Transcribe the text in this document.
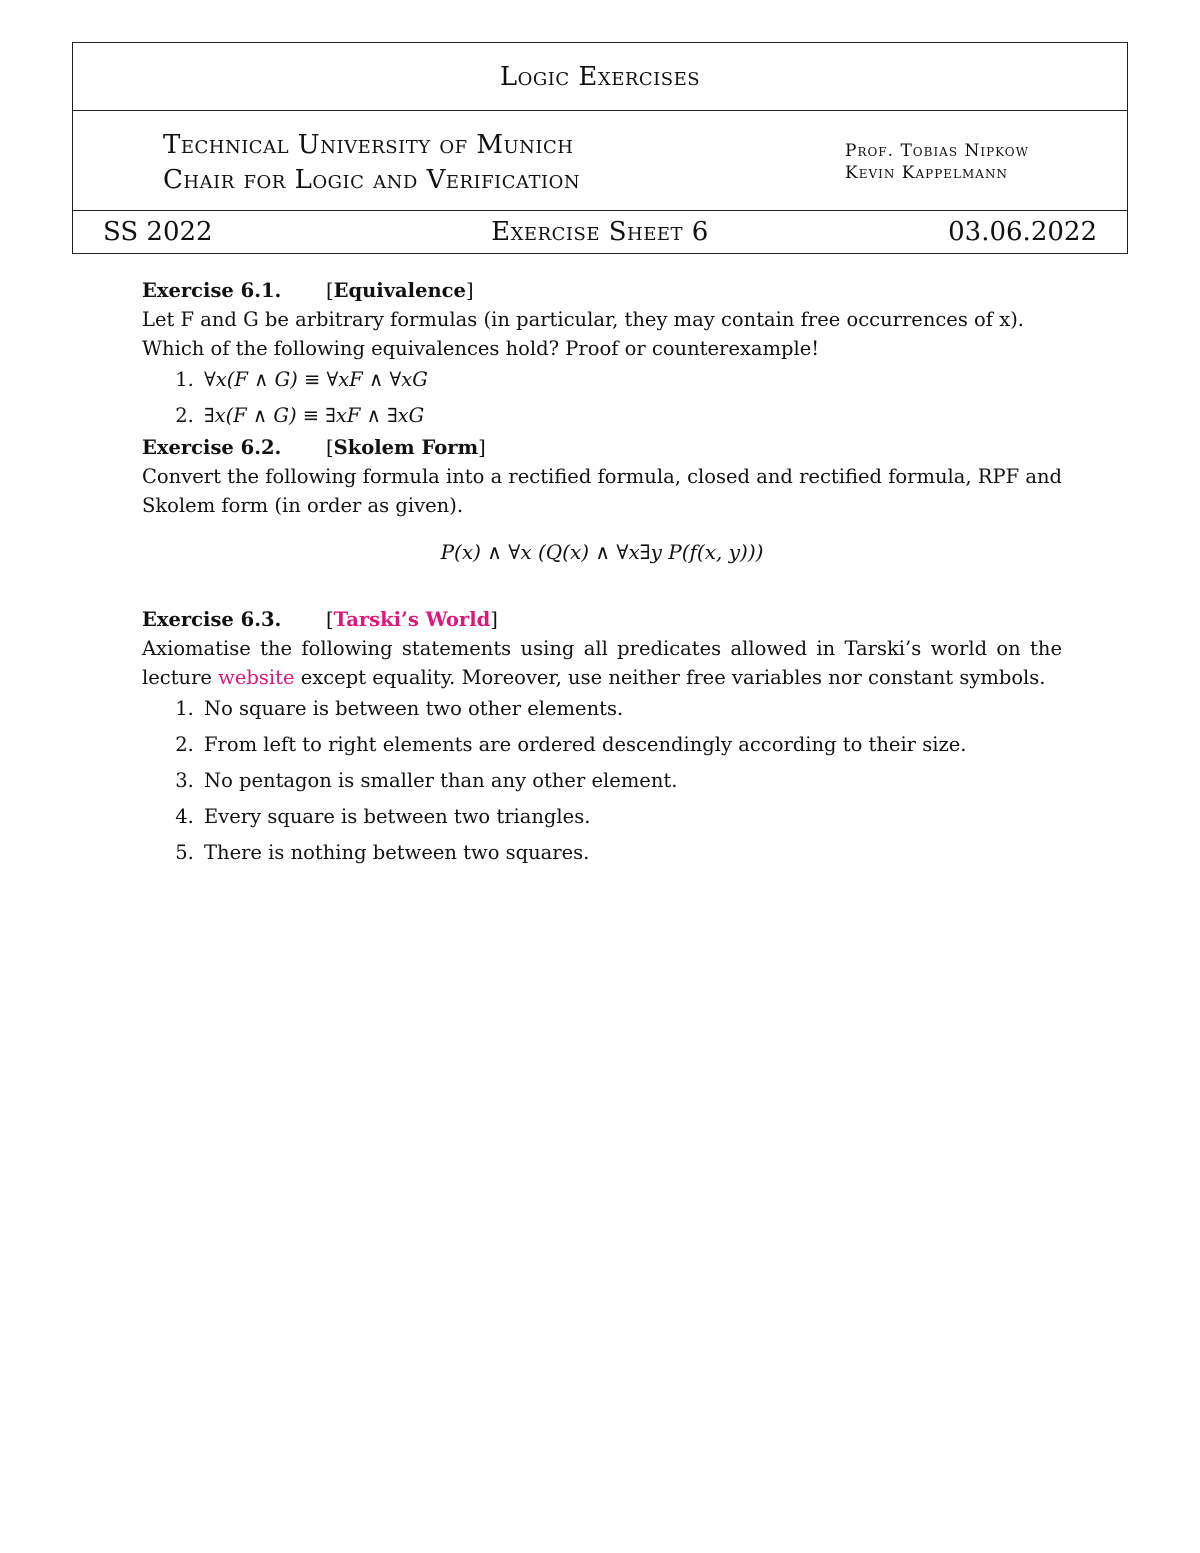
Logic Exercises
Technical University of Munich
Chair for Logic and Verification
Prof. Tobias Nipkow
Kevin Kappelmann
SS 2022	Exercise Sheet 6	03.06.2022

Exercise 6.1. [Equivalence]

Let F and G be arbitrary formulas (in particular, they may contain free occurrences of x).

Which of the following equivalences hold? Proof or counterexample!

1. ∀x(F ∧ G) ≡ ∀xF ∧ ∀xG
2. ∃x(F ∧ G) ≡ ∃xF ∧ ∃xG

Exercise 6.2. [Skolem Form]

Convert the following formula into a rectified formula, closed and rectified formula, RPF and Skolem form (in order as given).

P(x) ∧ ∀x (Q(x) ∧ ∀x∃y P(f(x, y)))

Exercise 6.3. [Tarski’s World]

Axiomatise the following statements using all predicates allowed in Tarski’s world on the lecture website except equality. Moreover, use neither free variables nor constant symbols.

1. No square is between two other elements.
2. From left to right elements are ordered descendingly according to their size.
3. No pentagon is smaller than any other element.
4. Every square is between two triangles.
5. There is nothing between two squares.
